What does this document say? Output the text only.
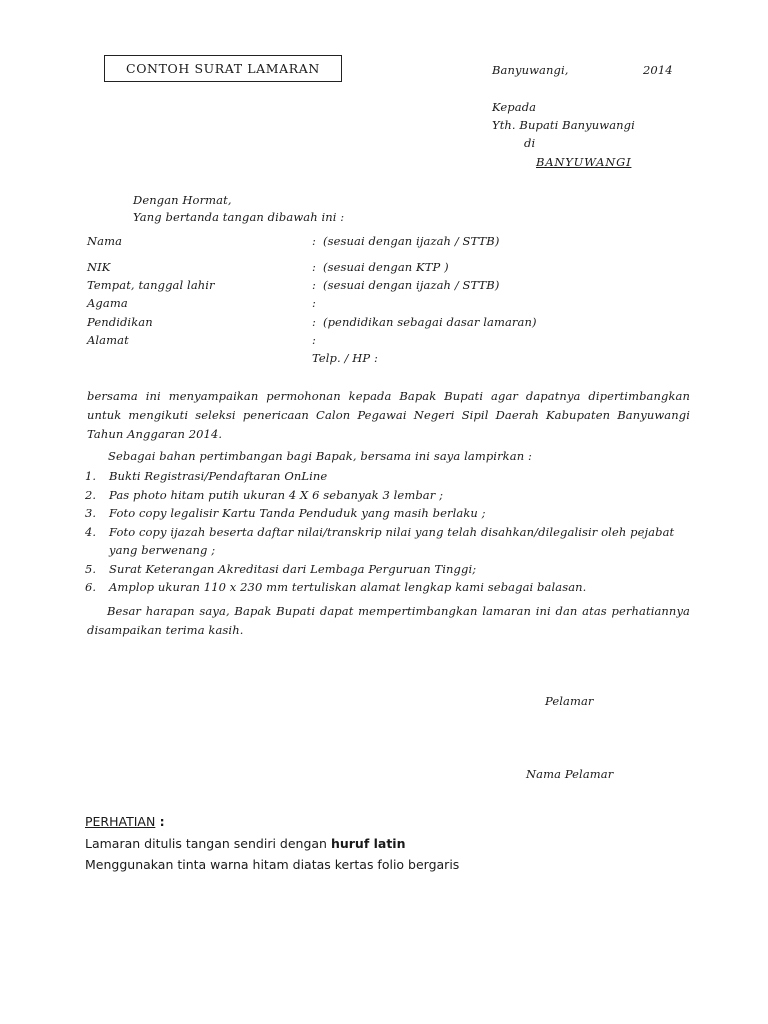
CONTOH SURAT LAMARAN	Banyuwangi,	2014
Kepada
Yth. Bupati Banyuwangi
di
BANYUWANGI
Dengan Hormat,
Yang bertanda tangan dibawah ini :
Nama	: (sesuai dengan ijazah / STTB)
NIK	: (sesuai dengan KTP )
Tempat, tanggal lahir	: (sesuai dengan ijazah / STTB)
Agama	:
Pendidikan	: (pendidikan sebagai dasar lamaran)
Alamat	:
Telp. / HP :
bersama ini menyampaikan permohonan kepada Bapak Bupati agar dapatnya dipertimbangkan untuk mengikuti seleksi penericaan Calon Pegawai Negeri Sipil Daerah Kabupaten Banyuwangi Tahun Anggaran 2014.
Sebagai bahan pertimbangan bagi Bapak, bersama ini saya lampirkan :
1. Bukti Registrasi/Pendaftaran OnLine
2. Pas photo hitam putih ukuran 4 X 6 sebanyak 3 lembar ;
3. Foto copy legalisir Kartu Tanda Penduduk yang masih berlaku ;
4. Foto copy ijazah beserta daftar nilai/transkrip nilai yang telah disahkan/dilegalisir oleh pejabat yang berwenang ;
5. Surat Keterangan Akreditasi dari Lembaga Perguruan Tinggi;
6. Amplop ukuran 110 x 230 mm tertuliskan alamat lengkap kami sebagai balasan.
Besar harapan saya, Bapak Bupati dapat mempertimbangkan lamaran ini dan atas perhatiannya disampaikan terima kasih.
Pelamar
Nama Pelamar
PERHATIAN :
Lamaran ditulis tangan sendiri dengan huruf latin
Menggunakan tinta warna hitam diatas kertas folio bergaris
